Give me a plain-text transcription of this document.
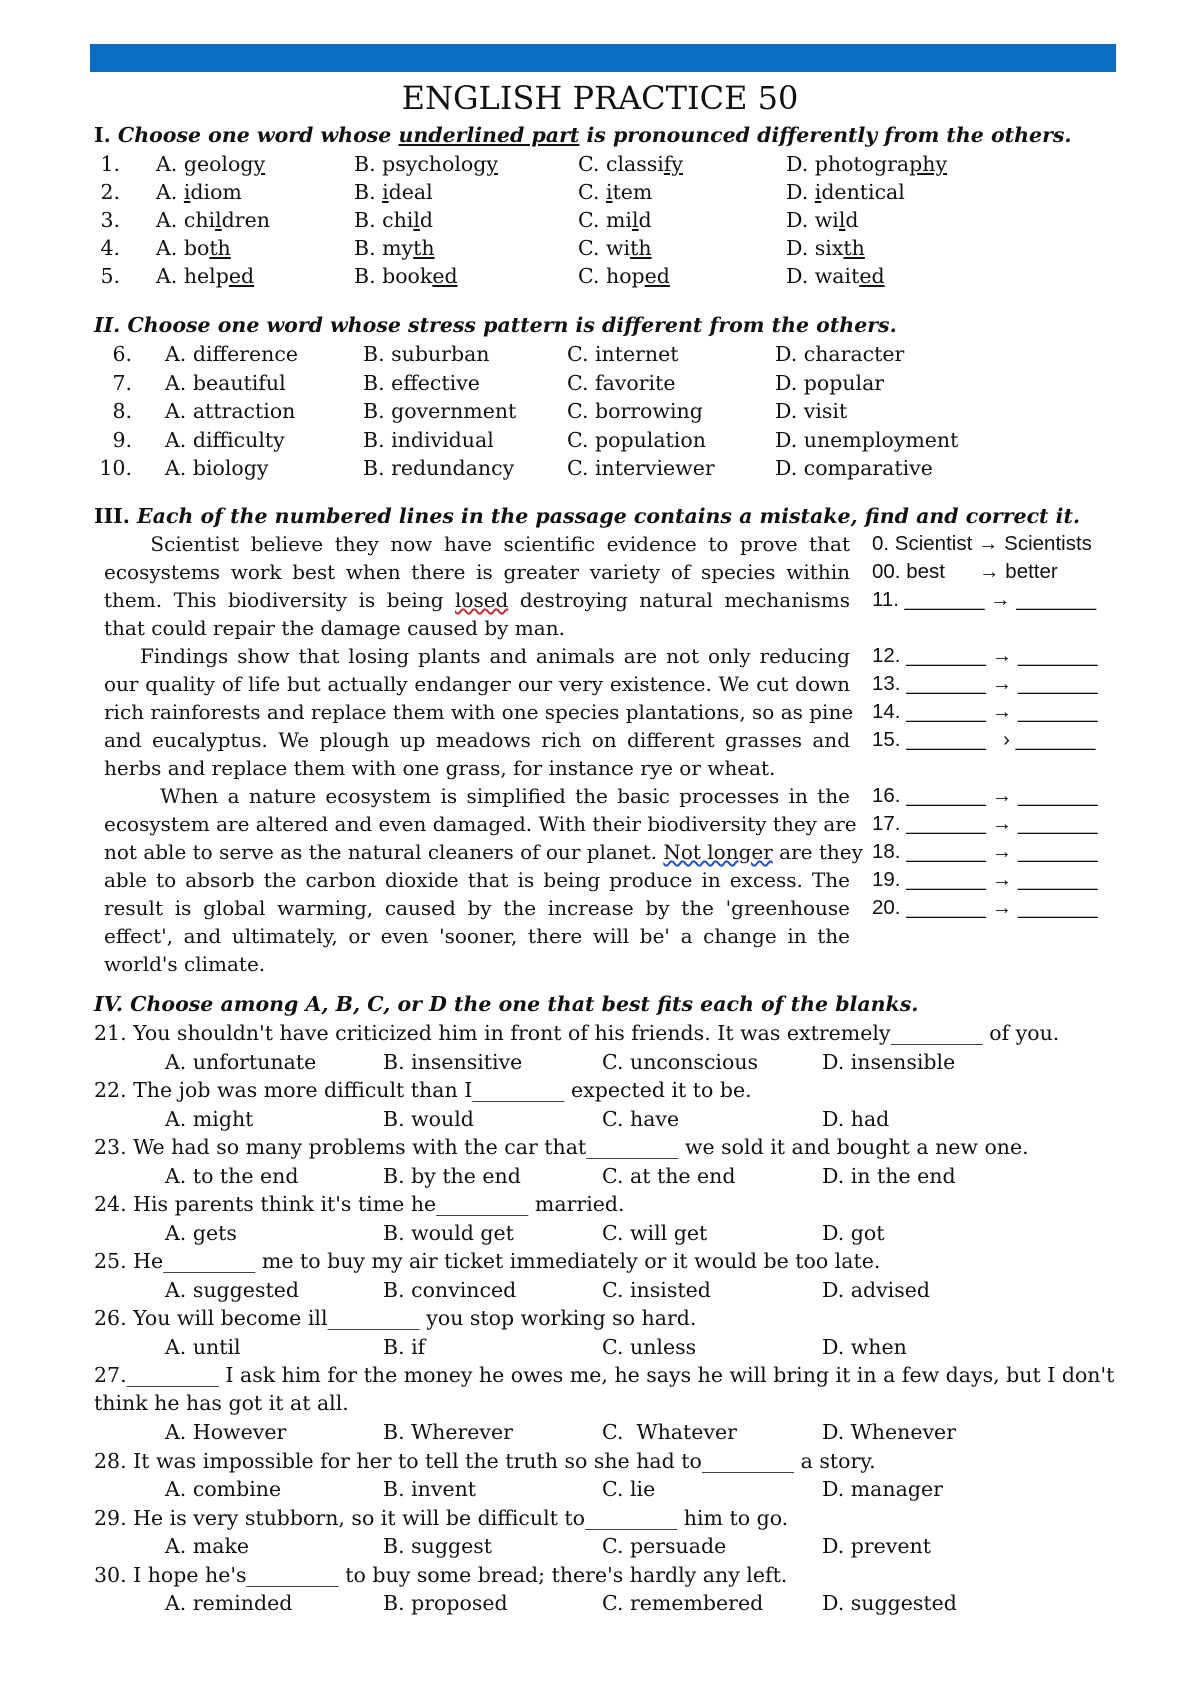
ENGLISH PRACTICE 50
I. Choose one word whose underlined part is pronounced differently from the others.
1. A. geology	B. psychology	C. classify	D. photography
2. A. idiom	B. ideal	C. item	D. identical
3. A. children	B. child	C. mild	D. wild
4. A. both	B. myth	C. with	D. sixth
5. A. helped	B. booked	C. hoped	D. waited
II. Choose one word whose stress pattern is different from the others.
6. A. difference	B. suburban	C. internet	D. character
7. A. beautiful	B. effective	C. favorite	D. popular
8. A. attraction	B. government C. borrowing	D. visit
9. A. difficulty	B. individual	C. population	D. unemployment
10. A. biology	B. redundancy	C. interviewer	D. comparative
III. Each of the numbered lines in the passage contains a mistake, find and correct it.
Scientist believe they now have scientific evidence to prove that
ecosystems work best when there is greater variety of species within
them. This biodiversity is being losed destroying natural mechanisms
that could repair the damage caused by man.
Findings show that losing plants and animals are not only reducing
our quality of life but actually endanger our very existence. We cut down
rich rainforests and replace them with one species plantations, so as pine
and eucalyptus. We plough up meadows rich on different grasses and
herbs and replace them with one grass, for instance rye or wheat.
When a nature ecosystem is simplified the basic processes in the
ecosystem are altered and even damaged. With their biodiversity they are
not able to serve as the natural cleaners of our planet. Not longer are they
able to absorb the carbon dioxide that is being produce in excess. The
result is global warming, caused by the increase by the 'greenhouse
effect', and ultimately, or even 'sooner, there will be' a change in the
world's climate.
0. Scientist → Scientists
00. best      → better
11. _______ → _______
12. _______ → _______
13. _______ → _______
14. _______ → _______
15. _______   › _______
16. _______ → _______
17. _______ → _______
18. _______ → _______
19. _______ → _______
20. _______ → _______
IV. Choose among A, B, C, or D the one that best fits each of the blanks.
21. You shouldn't have criticized him in front of his friends. It was extremely_________ of you.
A. unfortunate	B. insensitive	C. unconscious	D. insensible
22. The job was more difficult than I_________ expected it to be.
A. might	B. would	C. have	D. had
23. We had so many problems with the car that_________ we sold it and bought a new one.
A. to the end	B. by the end	C. at the end	D. in the end
24. His parents think it's time he_________ married.
A. gets	B. would get	C. will get	D. got
25. He_________ me to buy my air ticket immediately or it would be too late.
A. suggested	B. convinced	C. insisted	D. advised
26. You will become ill_________ you stop working so hard.
A. until	B. if	C. unless	D. when
27._________ I ask him for the money he owes me, he says he will bring it in a few days, but I don't think he has got it at all.
A. However	B. Wherever	C.  Whatever	D. Whenever
28. It was impossible for her to tell the truth so she had to_________ a story.
A. combine	B. invent	C. lie	D. manager
29. He is very stubborn, so it will be difficult to_________ him to go.
A. make	B. suggest	C. persuade	D. prevent
30. I hope he's_________ to buy some bread; there's hardly any left.
A. reminded	B. proposed	C. remembered	D. suggested
